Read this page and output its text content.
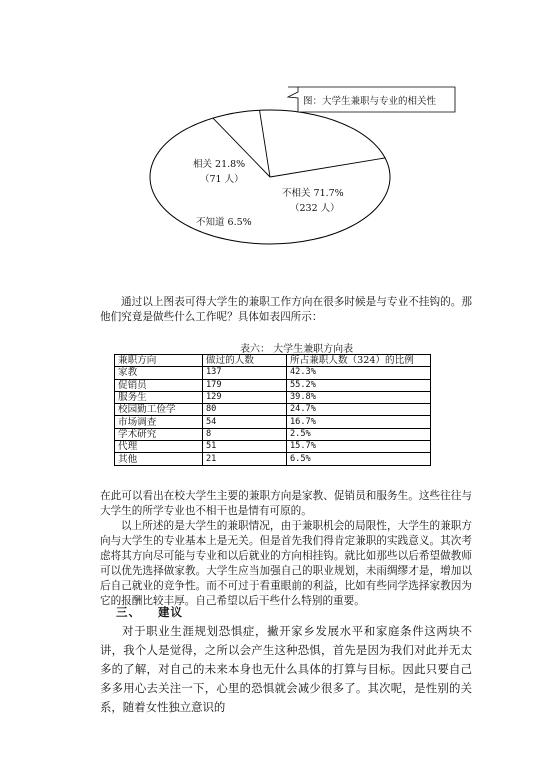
图：大学生兼职与专业的相关性
相关 21.8%
（71 人）
不相关 71.7%
（232 人）
不知道 6.5%
通过以上图表可得大学生的兼职工作方向在很多时候是与专业不挂钩的。那他们究竟是做些什么工作呢？具体如表四所示：
表六： 大学生兼职方向表
兼职方向	做过的人数	所占兼职人数（324）的比例
家教	137	42.3%
促销员	179	55.2%
服务生	129	39.8%
校园勤工俭学	80	24.7%
市场调查	54	16.7%
学术研究	8	2.5%
代理	51	15.7%
其他	21	6.5%
在此可以看出在校大学生主要的兼职方向是家教、促销员和服务生。这些往往与大学生的所学专业也不相干也是情有可原的。
以上所述的是大学生的兼职情况，由于兼职机会的局限性，大学生的兼职方向与大学生的专业基本上是无关。但是首先我们得肯定兼职的实践意义。其次考虑将其方向尽可能与专业和以后就业的方向相挂钩。就比如那些以后希望做教师可以优先选择做家教。大学生应当加强自己的职业规划，未雨绸缪才是，增加以后自己就业的竞争性。而不可过于看重眼前的利益，比如有些同学选择家教因为它的报酬比较丰厚。自己希望以后干些什么特别的重要。
三、 建议
对于职业生涯规划恐惧症，撇开家乡发展水平和家庭条件这两块不讲，我个人是觉得，之所以会产生这种恐惧，首先是因为我们对此并无太多的了解，对自己的未来本身也无什么具体的打算与目标。因此只要自己多多用心去关注一下，心里的恐惧就会减少很多了。其次呢，是性别的关系，随着女性独立意识的
